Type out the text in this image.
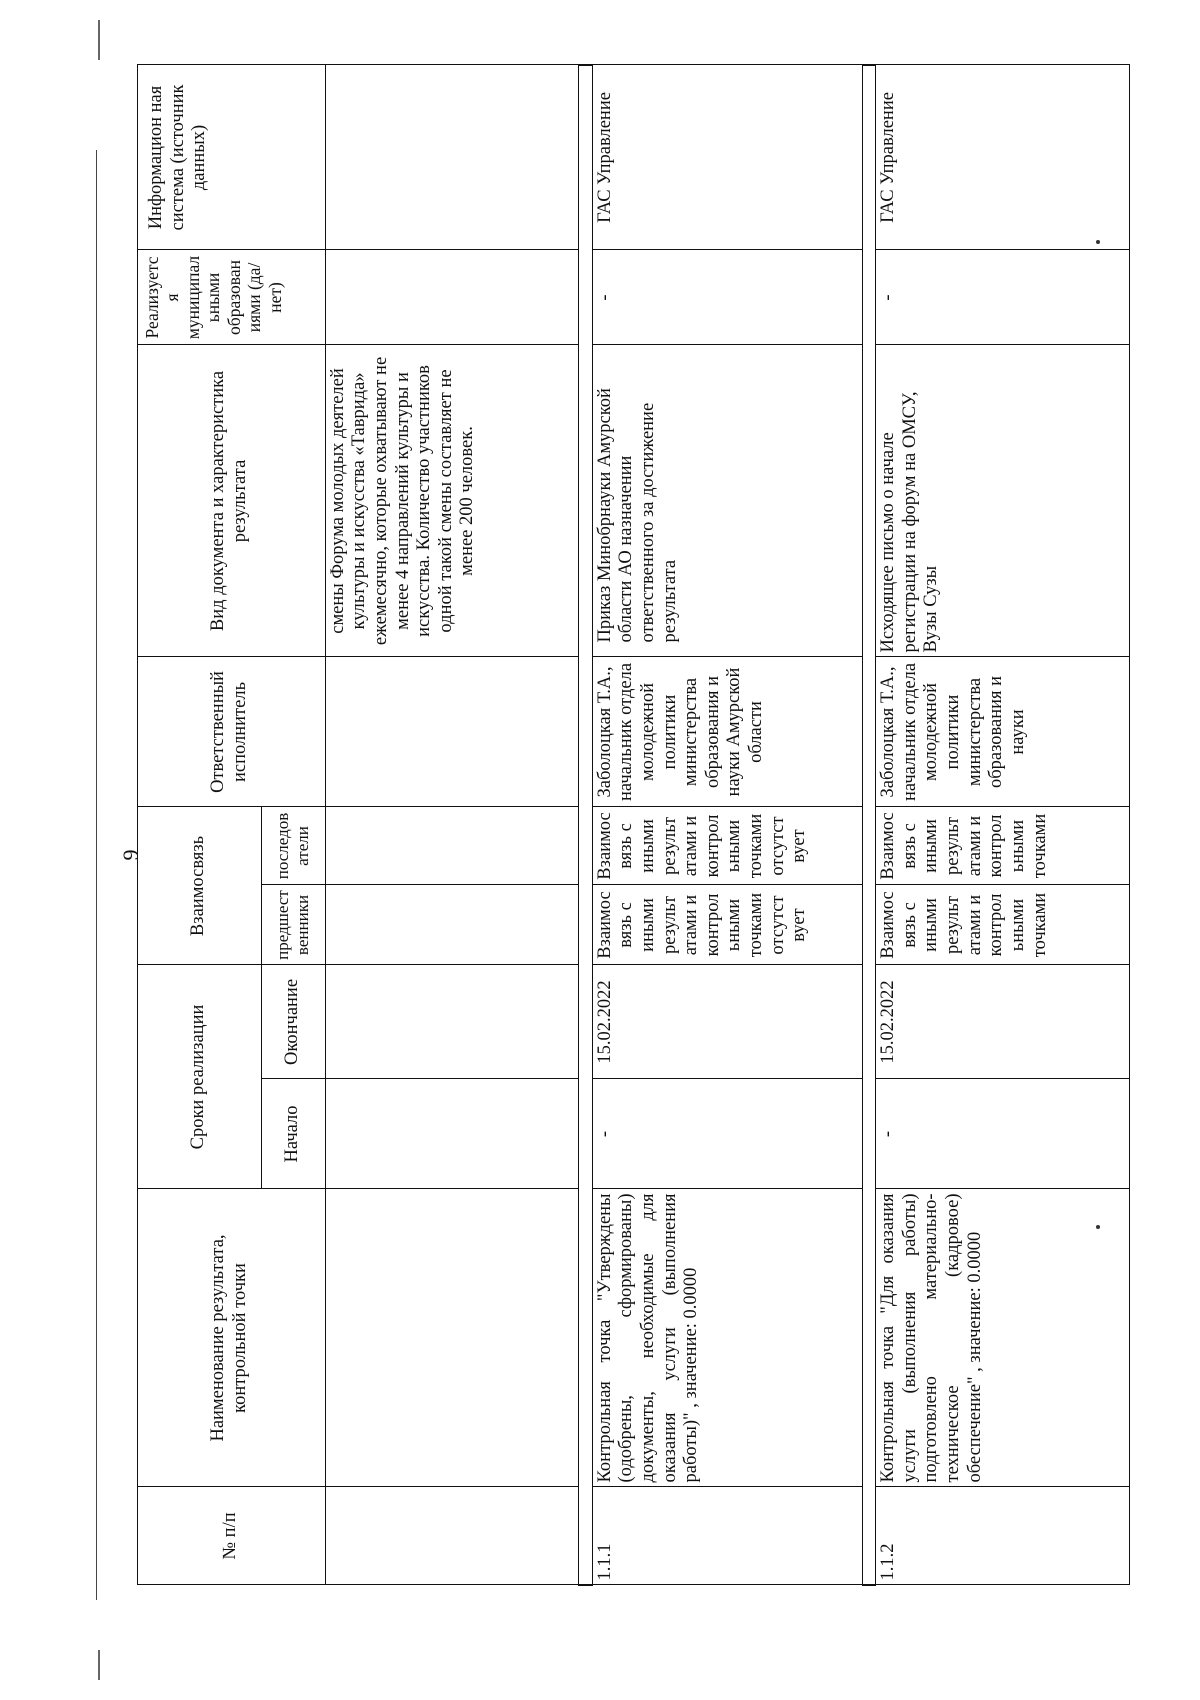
9
№ п/п	Наименование результата, контрольной точки	Сроки реализации		Взаимосвязь		Ответственный исполнитель	Вид документа и характеристика результата	Реализуетс я муниципал ьными образован иями (да/нет)	Информацион ная система (источник данных)
		Начало	Окончание	предшест венники	последов атели				
							смены Форума молодых деятелей культуры и искусства «Таврида» ежемесячно, которые охватывают не менее 4 направлений культуры и искусства. Количество участников одной такой смены составляет не менее 200 человек.		

1.1.1	Контрольная точка "Утверждены (одобрены, сформированы) документы, необходимые для оказания услуги (выполнения работы)" , значение: 0.0000	-	15.02.2022	Взаимос вязь с иными результ атами и контрол ьными точками отсутст вует	Взаимос вязь с иными результ атами и контрол ьными точками отсутст вует	Заболоцкая Т.А., начальник отдела молодежной политики министерства образования и науки Амурской области	Приказ Минобрнауки Амурской области АО назначении ответственного за достижение результата	-	ГАС Управление

1.1.2	Контрольная точка "Для оказания услуги (выполнения работы) подготовлено материально-техническое (кадровое) обеспечение" , значение: 0.0000	-	15.02.2022	Взаимос вязь с иными результ атами и контрол ьными точками	Взаимос вязь с иными результ атами и контрол ьными точками	Заболоцкая Т.А., начальник отдела молодежной политики министерства образования и науки	Исходящее письмо о начале регистрации на форум на ОМСУ, Вузы Сузы	-	ГАС Управление
